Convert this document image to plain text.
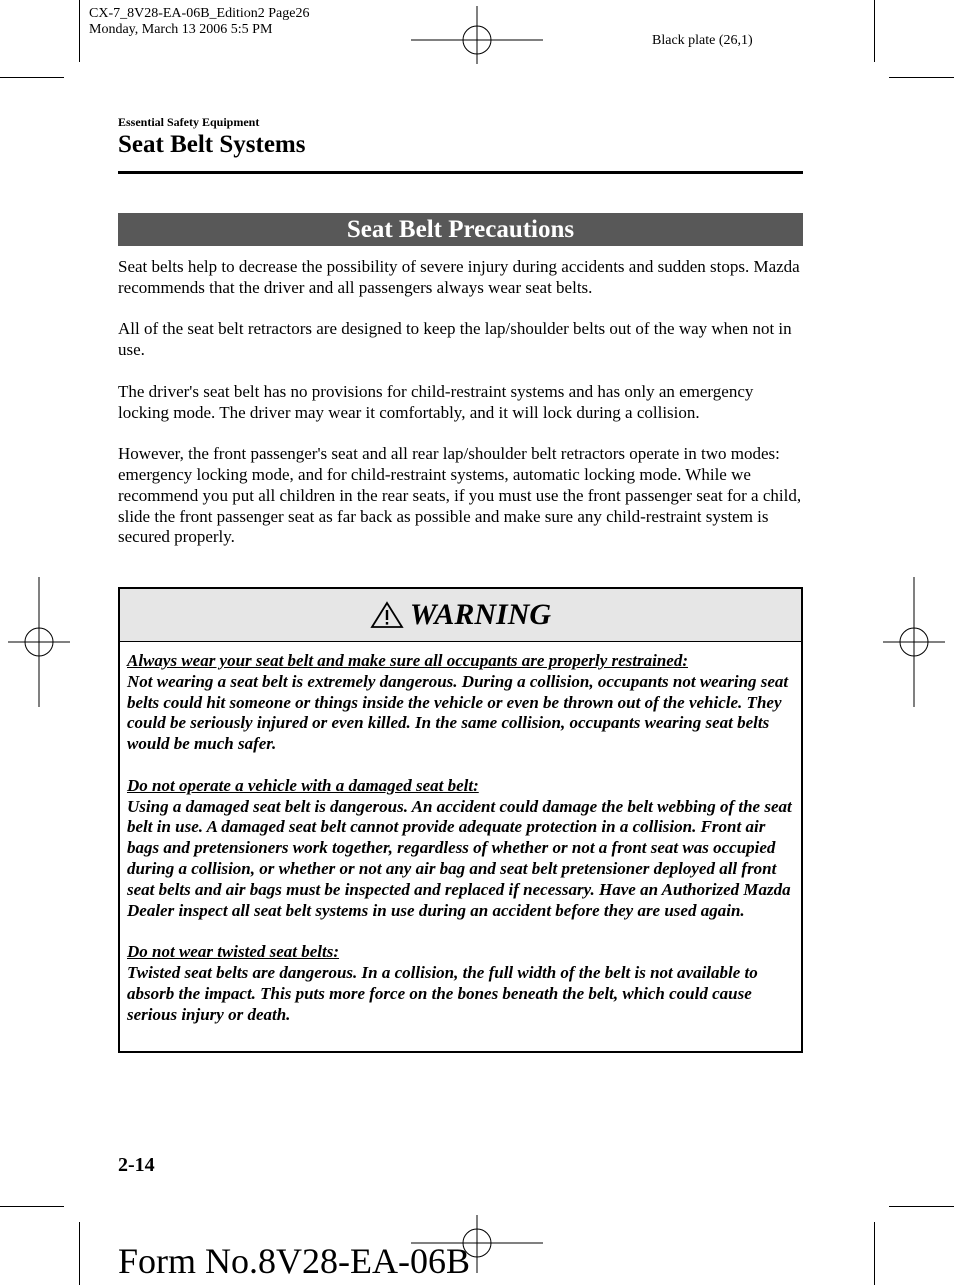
CX-7_8V28-EA-06B_Edition2 Page26
Monday, March 13 2006 5:5 PM
Black plate (26,1)
Essential Safety Equipment
Seat Belt Systems
Seat Belt Precautions

Seat belts help to decrease the possibility of severe injury during accidents and sudden stops. Mazda recommends that the driver and all passengers always wear seat belts.

All of the seat belt retractors are designed to keep the lap/shoulder belts out of the way when not in use.

The driver's seat belt has no provisions for child-restraint systems and has only an emergency locking mode. The driver may wear it comfortably, and it will lock during a collision.

However, the front passenger's seat and all rear lap/shoulder belt retractors operate in two modes: emergency locking mode, and for child-restraint systems, automatic locking mode. While we recommend you put all children in the rear seats, if you must use the front passenger seat for a child, slide the front passenger seat as far back as possible and make sure any child-restraint system is secured properly.

WARNING
Always wear your seat belt and make sure all occupants are properly restrained:
Not wearing a seat belt is extremely dangerous. During a collision, occupants not wearing seat belts could hit someone or things inside the vehicle or even be thrown out of the vehicle. They could be seriously injured or even killed. In the same collision, occupants wearing seat belts would be much safer.
Do not operate a vehicle with a damaged seat belt:
Using a damaged seat belt is dangerous. An accident could damage the belt webbing of the seat belt in use. A damaged seat belt cannot provide adequate protection in a collision. Front air bags and pretensioners work together, regardless of whether or not a front seat was occupied during a collision, or whether or not any air bag and seat belt pretensioner deployed all front seat belts and air bags must be inspected and replaced if necessary. Have an Authorized Mazda Dealer inspect all seat belt systems in use during an accident before they are used again.
Do not wear twisted seat belts:
Twisted seat belts are dangerous. In a collision, the full width of the belt is not available to absorb the impact. This puts more force on the bones beneath the belt, which could cause serious injury or death.
2-14
Form No.8V28-EA-06B
